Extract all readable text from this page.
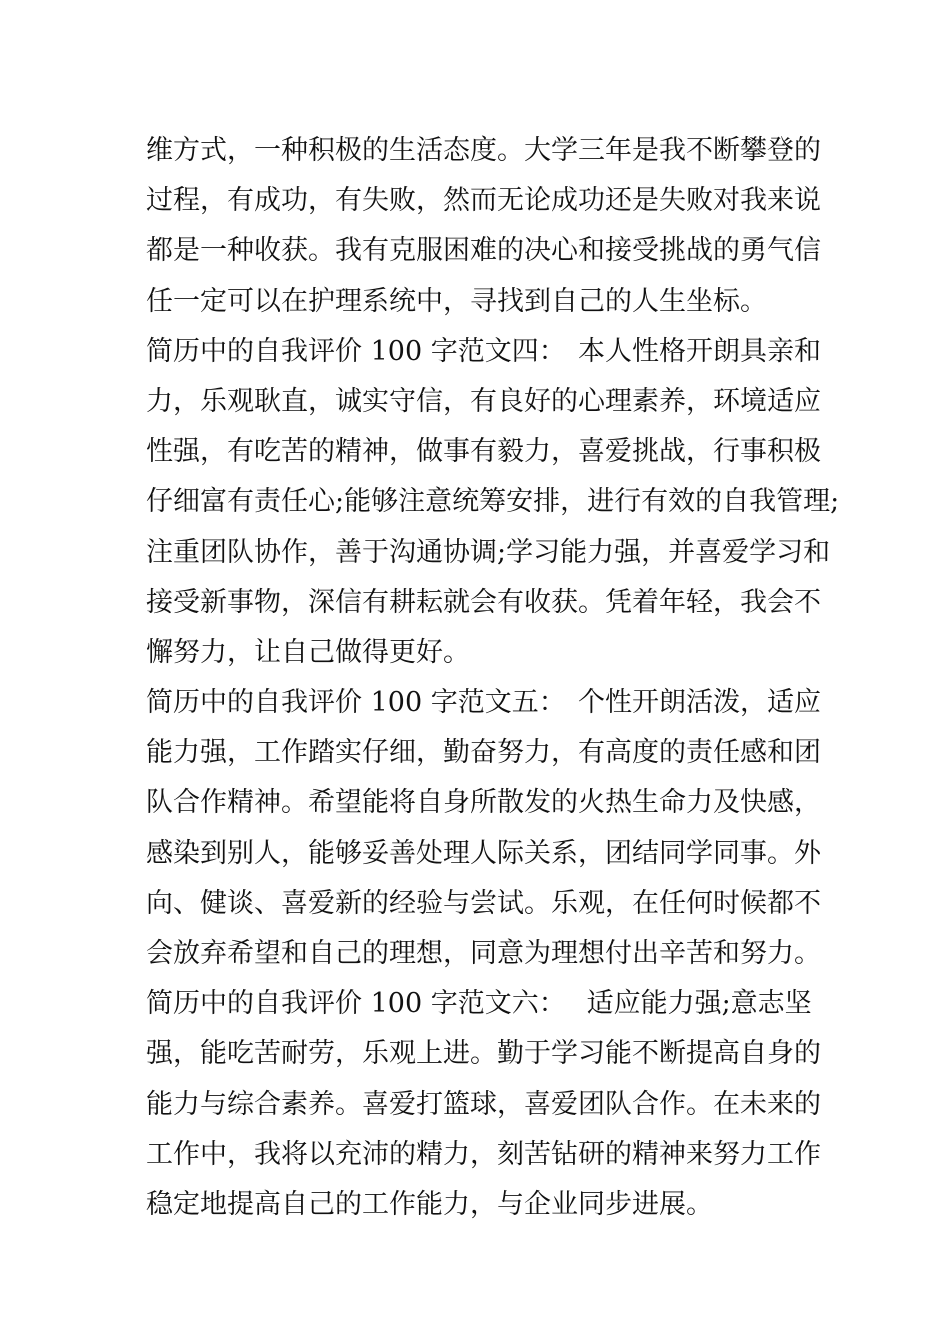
维方式，一种积极的生活态度。大学三年是我不断攀登的
过程，有成功，有失败，然而无论成功还是失败对我来说
都是一种收获。我有克服困难的决心和接受挑战的勇气信
任一定可以在护理系统中，寻找到自己的人生坐标。
简历中的自我评价 100 字范文四： 本人性格开朗具亲和
力，乐观耿直，诚实守信，有良好的心理素养，环境适应
性强，有吃苦的精神，做事有毅力，喜爱挑战，行事积极
仔细富有责任心;能够注意统筹安排，进行有效的自我管理;
注重团队协作，善于沟通协调;学习能力强，并喜爱学习和
接受新事物，深信有耕耘就会有收获。凭着年轻，我会不
懈努力，让自己做得更好。
简历中的自我评价 100 字范文五： 个性开朗活泼，适应
能力强，工作踏实仔细，勤奋努力，有高度的责任感和团
队合作精神。希望能将自身所散发的火热生命力及快感，
感染到别人，能够妥善处理人际关系，团结同学同事。外
向、健谈、喜爱新的经验与尝试。乐观，在任何时候都不
会放弃希望和自己的理想，同意为理想付出辛苦和努力。
简历中的自我评价 100 字范文六： 适应能力强;意志坚
强，能吃苦耐劳，乐观上进。勤于学习能不断提高自身的
能力与综合素养。喜爱打篮球，喜爱团队合作。在未来的
工作中，我将以充沛的精力，刻苦钻研的精神来努力工作
稳定地提高自己的工作能力，与企业同步进展。
